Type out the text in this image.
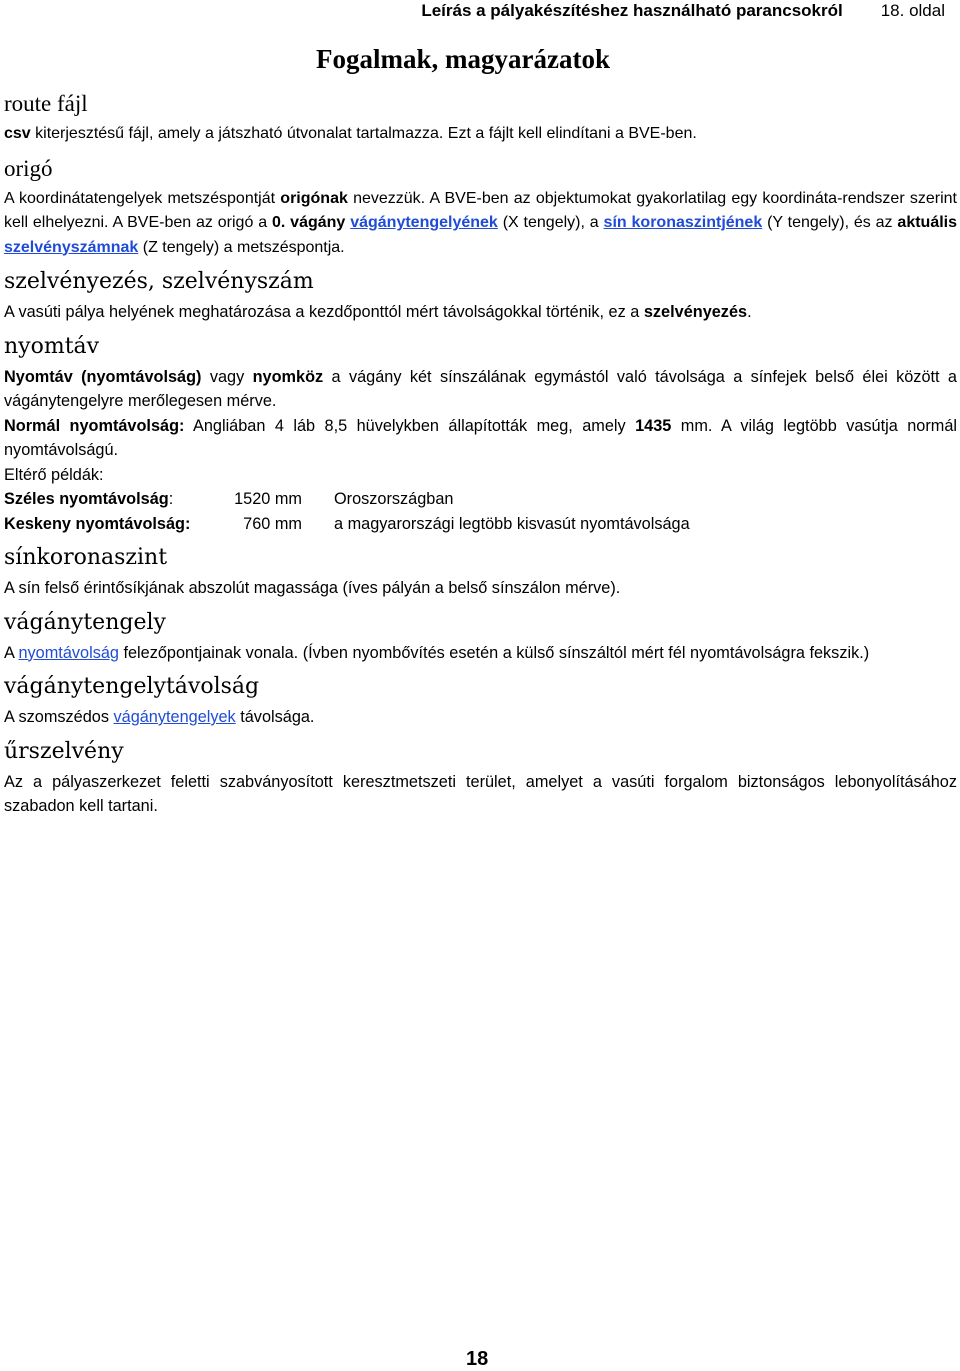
Leírás a pályakészítéshez használható parancsokról 18. oldal
Fogalmak, magyarázatok
route fájl

csv kiterjesztésű fájl, amely a játszható útvonalat tartalmazza. Ezt a fájlt kell elindítani a BVE-ben.

origó

A koordinátatengelyek metszéspontját origónak nevezzük. A BVE-ben az objektumokat gyakorlatilag egy koordináta-rendszer szerint kell elhelyezni. A BVE-ben az origó a 0. vágány vágánytengelyének (X tengely), a sín koronaszintjének (Y tengely), és az aktuális szelvényszámnak (Z tengely) a metszéspontja.

szelvényezés, szelvényszám

A vasúti pálya helyének meghatározása a kezdőponttól mért távolságokkal történik, ez a szelvényezés.

nyomtáv

Nyomtáv (nyomtávolság) vagy nyomköz a vágány két sínszálának egymástól való távolsága a sínfejek belső élei között a vágánytengelyre merőlegesen mérve.

Normál nyomtávolság: Angliában 4 láb 8,5 hüvelykben állapították meg, amely 1435 mm. A világ legtöbb vasútja normál nyomtávolságú.

Eltérő példák:

Széles nyomtávolság:	1520 mm	Oroszországban
Keskeny nyomtávolság:	760 mm	a magyarországi legtöbb kisvasút nyomtávolsága
sínkoronaszint

A sín felső érintősíkjának abszolút magassága (íves pályán a belső sínszálon mérve).

vágánytengely

A nyomtávolság felezőpontjainak vonala. (Ívben nyombővítés esetén a külső sínszáltól mért fél nyomtávolságra fekszik.)

vágánytengelytávolság

A szomszédos vágánytengelyek távolsága.

űrszelvény

Az a pályaszerkezet feletti szabványosított keresztmetszeti terület, amelyet a vasúti forgalom biztonságos lebonyolításához szabadon kell tartani.

18
